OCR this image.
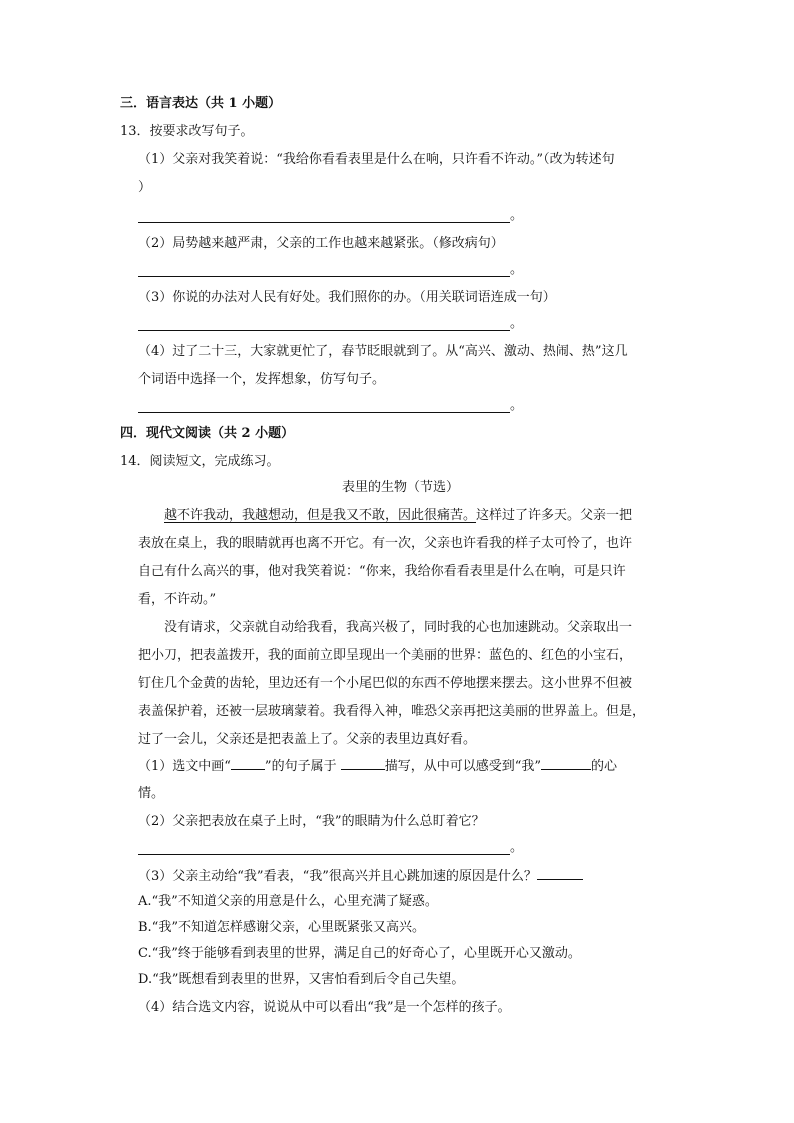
三．语言表达（共 1 小题）
13．按要求改写句子。
（1）父亲对我笑着说：“我给你看看表里是什么在响，只许看不许动。”（改为转述句
）
。
（2）局势越来越严肃，父亲的工作也越来越紧张。（修改病句）
。
（3）你说的办法对人民有好处。我们照你的办。（用关联词语连成一句）
。
（4）过了二十三，大家就更忙了，春节眨眼就到了。从“高兴、激动、热闹、热”这几
个词语中选择一个，发挥想象，仿写句子。
。
四．现代文阅读（共 2 小题）
14．阅读短文，完成练习。
表里的生物（节选）
越不许我动，我越想动，但是我又不敢，因此很痛苦。这样过了许多天。父亲一把
表放在桌上，我的眼睛就再也离不开它。有一次，父亲也许看我的样子太可怜了，也许
自己有什么高兴的事，他对我笑着说：“你来，我给你看看表里是什么在响，可是只许
看，不许动。”
没有请求，父亲就自动给我看，我高兴极了，同时我的心也加速跳动。父亲取出一
把小刀，把表盖拨开，我的面前立即呈现出一个美丽的世界：蓝色的、红色的小宝石，
钉住几个金黄的齿轮，里边还有一个小尾巴似的东西不停地摆来摆去。这小世界不但被
表盖保护着，还被一层玻璃蒙着。我看得入神，唯恐父亲再把这美丽的世界盖上。但是，
过了一会儿，父亲还是把表盖上了。父亲的表里边真好看。
（1）选文中画“	”的句子属于	描写，从中可以感受到“我”	的心
情。
（2）父亲把表放在桌子上时，“我”的眼睛为什么总盯着它？
。
（3）父亲主动给“我”看表，“我”很高兴并且心跳加速的原因是什么？
A.“我”不知道父亲的用意是什么，心里充满了疑惑。
B.“我”不知道怎样感谢父亲，心里既紧张又高兴。
C.“我”终于能够看到表里的世界，满足自己的好奇心了，心里既开心又激动。
D.“我”既想看到表里的世界，又害怕看到后令自己失望。
（4）结合选文内容，说说从中可以看出“我”是一个怎样的孩子。
